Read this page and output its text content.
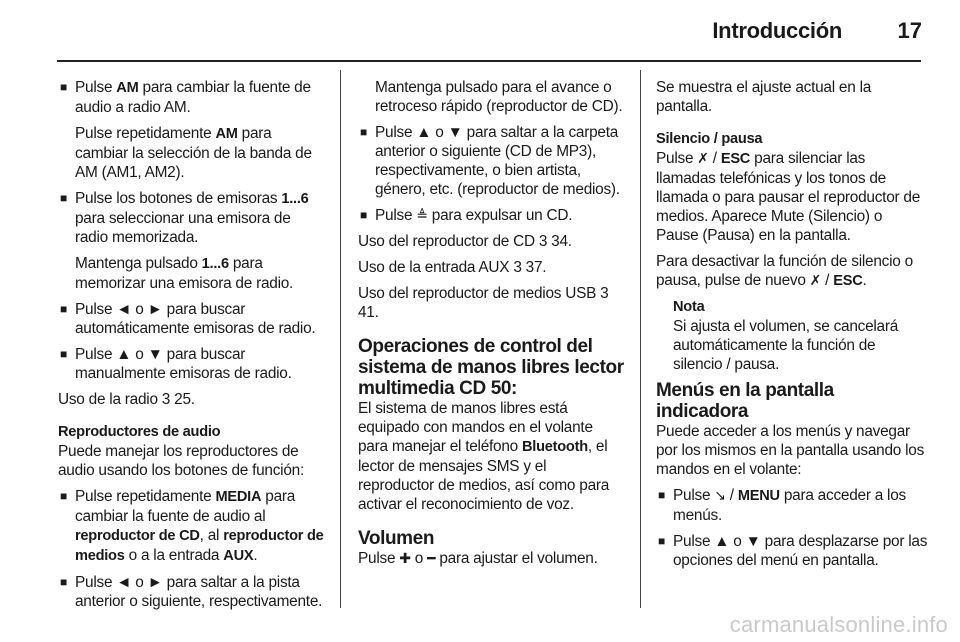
Introducción	17
■ Pulse AM para cambiar la fuente de audio a radio AM.
Pulse repetidamente AM para cambiar la selección de la banda de AM (AM1, AM2).
■ Pulse los botones de emisoras 1...6 para seleccionar una emisora de radio memorizada.
Mantenga pulsado 1...6 para memorizar una emisora de radio.
■ Pulse ◄ o ► para buscar automáticamente emisoras de radio.
■ Pulse ▲ o ▼ para buscar manualmente emisoras de radio.

Uso de la radio 3 25.

Reproductores de audio

Puede manejar los reproductores de audio usando los botones de función:

■ Pulse repetidamente MEDIA para cambiar la fuente de audio al reproductor de CD, al reproductor de medios o a la entrada AUX.
■ Pulse ◄ o ► para saltar a la pista anterior o siguiente, respectivamente.
Mantenga pulsado para el avance o retroceso rápido (reproductor de CD).
■ Pulse ▲ o ▼ para saltar a la carpeta anterior o siguiente (CD de MP3), respectivamente, o bien artista, género, etc. (reproductor de medios).
■ Pulse ≜ para expulsar un CD.

Uso del reproductor de CD 3 34.

Uso de la entrada AUX 3 37.

Uso del reproductor de medios USB 3 41.

Operaciones de control del sistema de manos libres lector multimedia CD 50:

El sistema de manos libres está equipado con mandos en el volante para manejar el teléfono Bluetooth, el lector de mensajes SMS y el reproductor de medios, así como para activar el reconocimiento de voz.

Volumen

Pulse ✚ o ━ para ajustar el volumen.

Se muestra el ajuste actual en la pantalla.

Silencio / pausa

Pulse ✗ / ESC para silenciar las llamadas telefónicas y los tonos de llamada o para pausar el reproductor de medios. Aparece Mute (Silencio) o Pause (Pausa) en la pantalla.

Para desactivar la función de silencio o pausa, pulse de nuevo ✗ / ESC.

Nota
Si ajusta el volumen, se cancelará automáticamente la función de silencio / pausa.
Menús en la pantalla indicadora

Puede acceder a los menús y navegar por los mismos en la pantalla usando los mandos en el volante:

■ Pulse ↘ / MENU para acceder a los menús.
■ Pulse ▲ o ▼ para desplazarse por las opciones del menú en pantalla.
carmanualsonline.info
